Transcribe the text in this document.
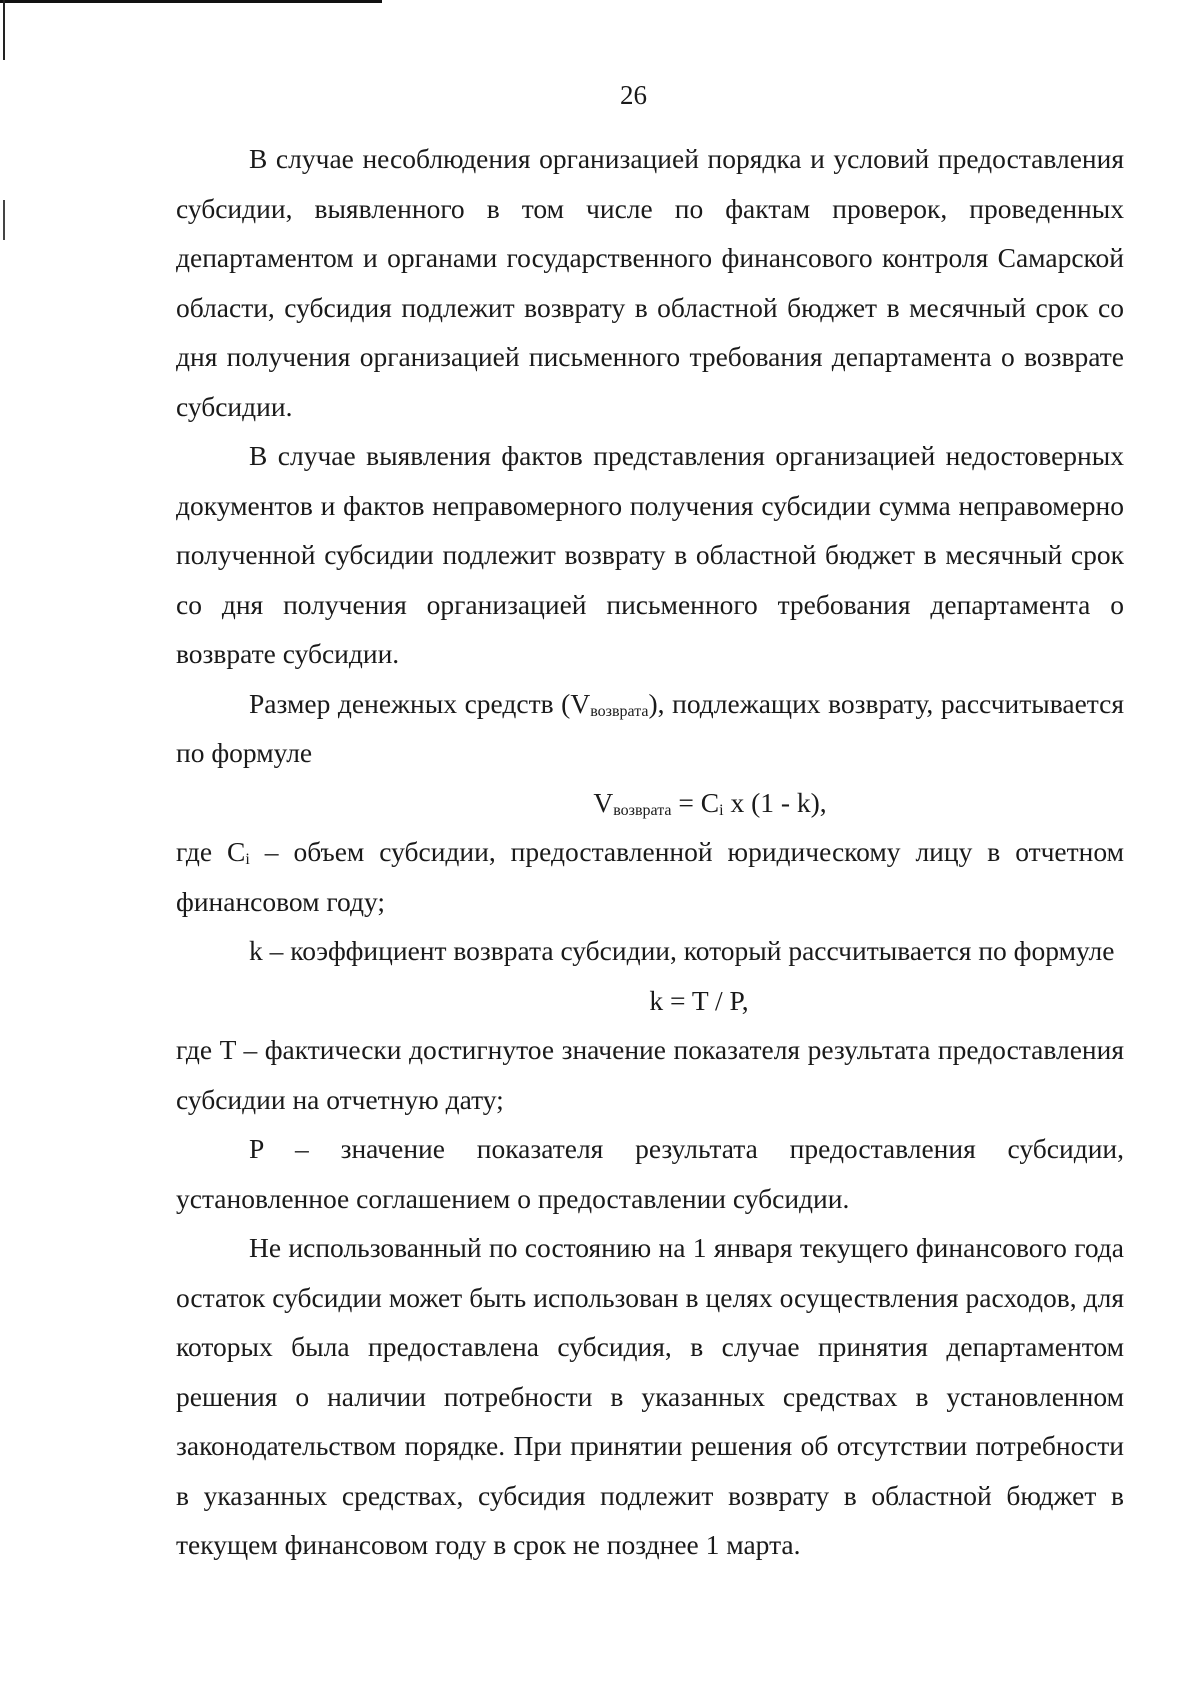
26

В случае несоблюдения организацией порядка и условий предоставления субсидии, выявленного в том числе по фактам проверок, проведенных департаментом и органами государственного финансового контроля Самарской области, субсидия подлежит возврату в областной бюджет в месячный срок со дня получения организацией письменного требования департамента о возврате субсидии.

В случае выявления фактов представления организацией недостоверных документов и фактов неправомерного получения субсидии сумма неправомерно полученной субсидии подлежит возврату в областной бюджет в месячный срок со дня получения организацией письменного требования департамента о возврате субсидии.

Размер денежных средств $(V_{возврата})$, подлежащих возврату, рассчитывается по формуле

$V_{возврата} = C_i$ x (1 - k),

где $C_i$ – объем субсидии, предоставленной юридическому лицу в отчетном финансовом году;

k – коэффициент возврата субсидии, который рассчитывается по формуле

k = T / P,

где T – фактически достигнутое значение показателя результата предоставления субсидии на отчетную дату;

P – значение показателя результата предоставления субсидии, установленное соглашением о предоставлении субсидии.

Не использованный по состоянию на 1 января текущего финансового года остаток субсидии может быть использован в целях осуществления расходов, для которых была предоставлена субсидия, в случае принятия департаментом решения о наличии потребности в указанных средствах в установленном законодательством порядке. При принятии решения об отсутствии потребности в указанных средствах, субсидия подлежит возврату в областной бюджет в текущем финансовом году в срок не позднее 1 марта.
